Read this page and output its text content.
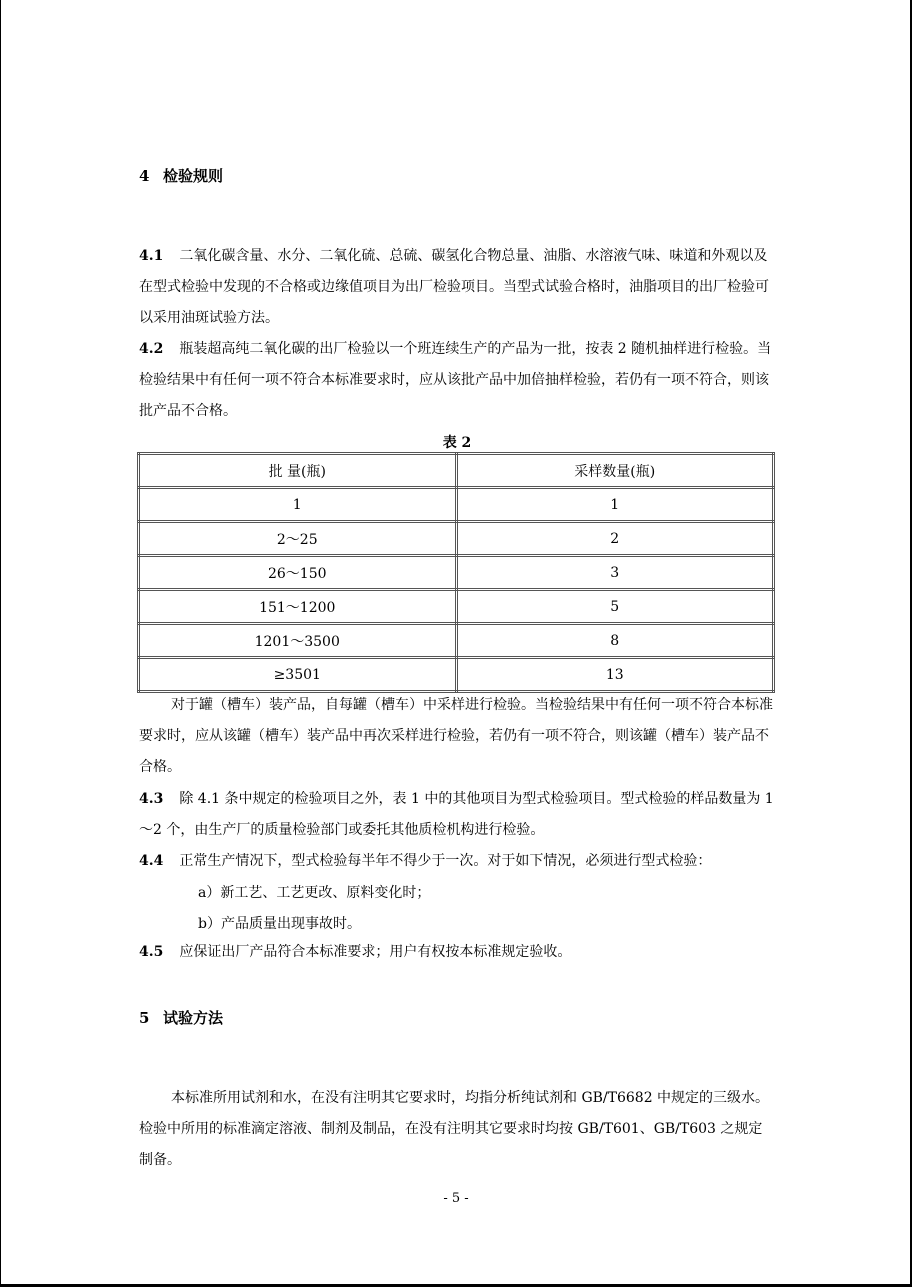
4 检验规则
4.1 二氧化碳含量、水分、二氧化硫、总硫、碳氢化合物总量、油脂、水溶液气味、味道和外观以及在型式检验中发现的不合格或边缘值项目为出厂检验项目。当型式试验合格时，油脂项目的出厂检验可以采用油斑试验方法。
4.2 瓶装超高纯二氧化碳的出厂检验以一个班连续生产的产品为一批，按表 2 随机抽样进行检验。当检验结果中有任何一项不符合本标准要求时，应从该批产品中加倍抽样检验，若仍有一项不符合，则该批产品不合格。
表 2
批 量(瓶)	采样数量(瓶)
1	1
2～25	2
26～150	3
151～1200	5
1201～3500	8
≥3501	13
对于罐（槽车）装产品，自每罐（槽车）中采样进行检验。当检验结果中有任何一项不符合本标准要求时，应从该罐（槽车）装产品中再次采样进行检验，若仍有一项不符合，则该罐（槽车）装产品不合格。
4.3 除 4.1 条中规定的检验项目之外，表 1 中的其他项目为型式检验项目。型式检验的样品数量为 1～2 个，由生产厂的质量检验部门或委托其他质检机构进行检验。
4.4 正常生产情况下，型式检验每半年不得少于一次。对于如下情况，必须进行型式检验：
a）新工艺、工艺更改、原料变化时；
b）产品质量出现事故时。
4.5 应保证出厂产品符合本标准要求；用户有权按本标准规定验收。
5 试验方法
本标准所用试剂和水，在没有注明其它要求时，均指分析纯试剂和 GB/T6682 中规定的三级水。检验中所用的标准滴定溶液、制剂及制品，在没有注明其它要求时均按 GB/T601、GB/T603 之规定制备。
- 5 -
